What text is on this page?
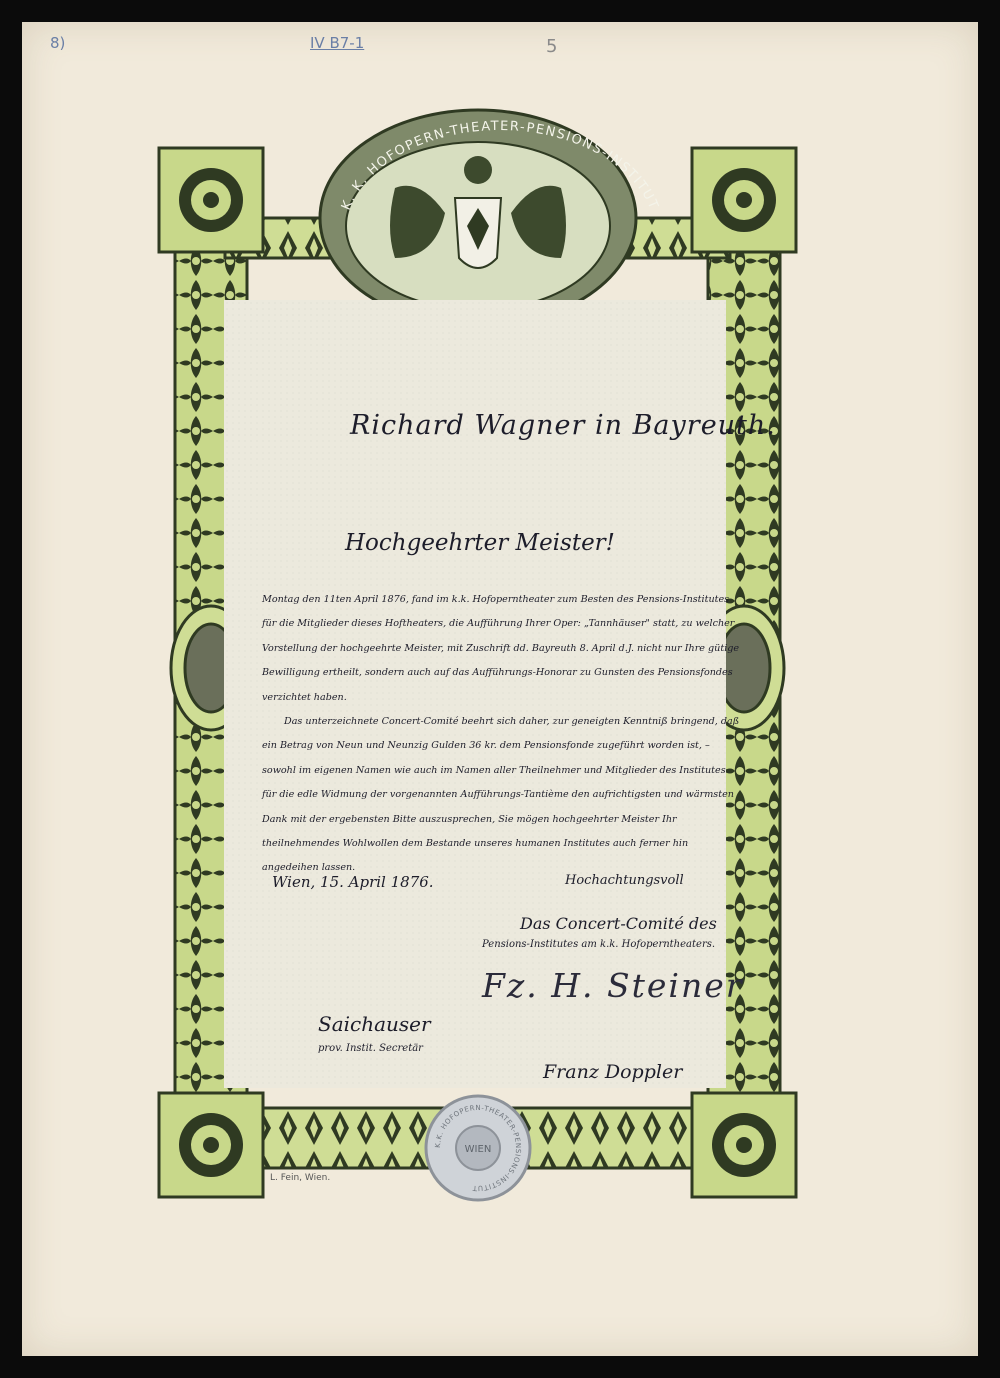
8)	IV B7-1	5
K. K. HOFOPERN-THEATER-PENSIONS-INSTITUT
K.K. HOFOPERN-THEATER-PENSIONS-INSTITUT
WIEN
Richard Wagner in Bayreuth.
Hochgeehrter Meister!

Montag den 11ten April 1876, fand im k.k. Hofoperntheater zum Besten des Pensions-Institutes für die Mitglieder dieses Hoftheaters, die Aufführung Ihrer Oper: „Tannhäuser" statt, zu welcher Vorstellung der hochgeehrte Meister, mit Zuschrift dd. Bayreuth 8. April d.J. nicht nur Ihre gütige Bewilligung ertheilt, sondern auch auf das Aufführungs-Honorar zu Gunsten des Pensionsfondes verzichtet haben.

Das unterzeichnete Concert-Comité beehrt sich daher, zur geneigten Kenntniß bringend, daß ein Betrag von Neun und Neunzig Gulden 36 kr. dem Pensionsfonde zugeführt worden ist, – sowohl im eigenen Namen wie auch im Namen aller Theilnehmer und Mitglieder des Institutes für die edle Widmung der vorgenannten Aufführungs-Tantième den aufrichtigsten und wärmsten Dank mit der ergebensten Bitte auszusprechen, Sie mögen hochgeehrter Meister Ihr theilnehmendes Wohlwollen dem Bestande unseres humanen Institutes auch ferner hin angedeihen lassen.

Wien, 15. April 1876.	Hochachtungsvoll
Das Concert-Comité des
Pensions-Institutes am k.k. Hofoperntheaters.
Fz. H. Steiner
Saichauser
prov. Instit. Secretär
Franz Doppler
L. Fein, Wien.
